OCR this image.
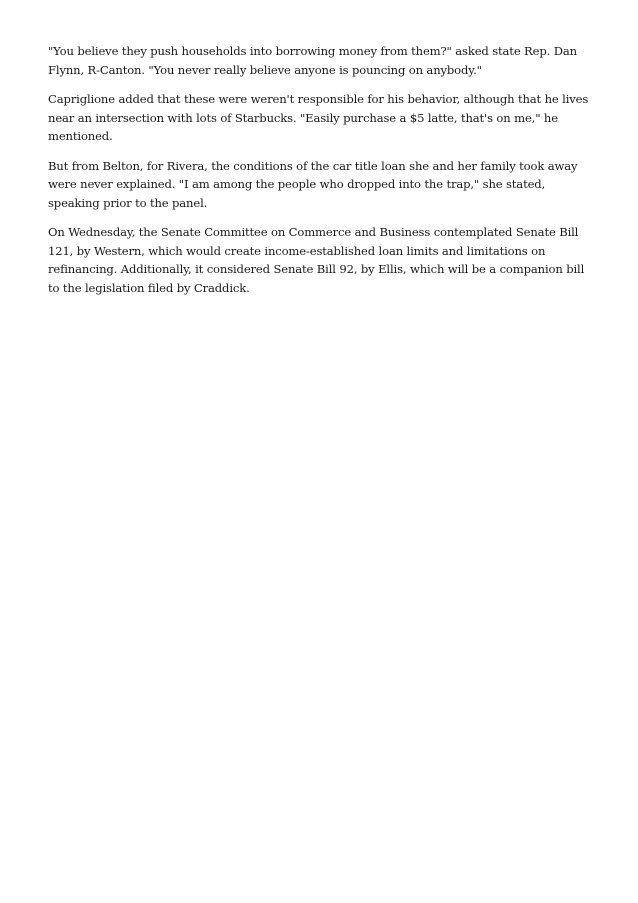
"You believe they push households into borrowing money from them?" asked state Rep. Dan Flynn, R-Canton. "You never really believe anyone is pouncing on anybody."

Capriglione added that these were weren't responsible for his behavior, although that he lives near an intersection with lots of Starbucks. "Easily purchase a $5 latte, that's on me," he mentioned.

But from Belton, for Rivera, the conditions of the car title loan she and her family took away were never explained. "I am among the people who dropped into the trap," she stated, speaking prior to the panel.

On Wednesday, the Senate Committee on Commerce and Business contemplated Senate Bill 121, by Western, which would create income-established loan limits and limitations on refinancing. Additionally, it considered Senate Bill 92, by Ellis, which will be a companion bill to the legislation filed by Craddick.
